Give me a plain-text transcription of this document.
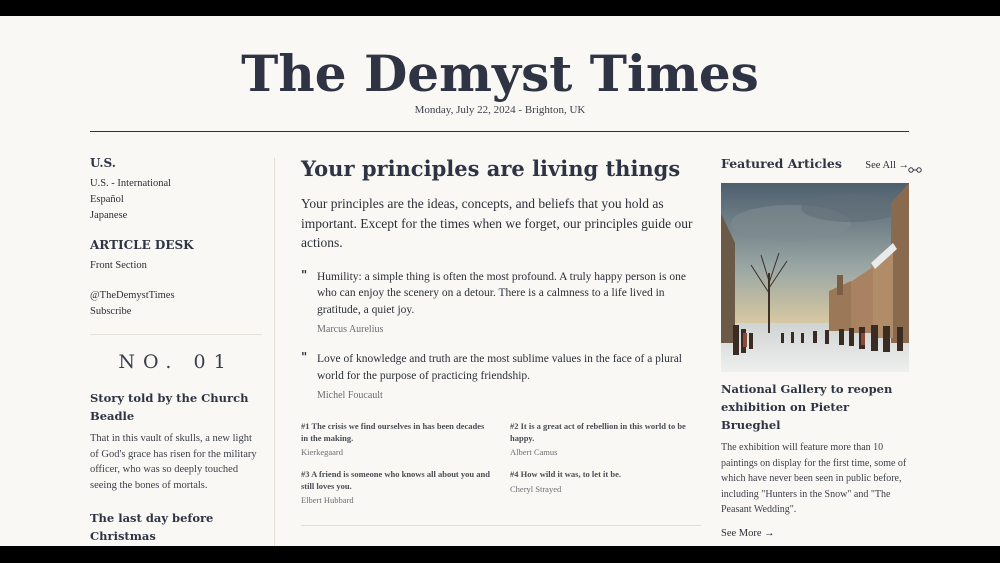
The Demyst Times
Monday, July 22, 2024 - Brighton, UK
U.S.
U.S. - International
Español
Japanese
ARTICLE DESK
Front Section
@TheDemystTimes
Subscribe
NO. 01
Story told by the Church Beadle
That in this vault of skulls, a new light of God's grace has risen for the military officer, who was so deeply touched seeing the bones of mortals.
The last day before Christmas
Your principles are living things

Your principles are the ideas, concepts, and beliefs that you hold as important. Except for the times when we forget, our principles guide our actions.

" Humility: a simple thing is often the most profound. A truly happy person is one who can enjoy the scenery on a detour. There is a calmness to a life lived in gratitude, a quiet joy.
Marcus Aurelius
" Love of knowledge and truth are the most sublime values in the face of a plural world for the purpose of practicing friendship.
Michel Foucault
#1 The crisis we find ourselves in has been decades in the making.
Kierkegaard
#2 It is a great act of rebellion in this world to be happy.
Albert Camus
#3 A friend is someone who knows all about you and still loves you.
Elbert Hubbard
#4 How wild it was, to let it be.
Cheryl Strayed
Featured Articles See All →
National Gallery to reopen exhibition on Pieter Brueghel
The exhibition will feature more than 10 paintings on display for the first time, some of which have never been seen in public before, including "Hunters in the Snow" and "The Peasant Wedding".
See More →
